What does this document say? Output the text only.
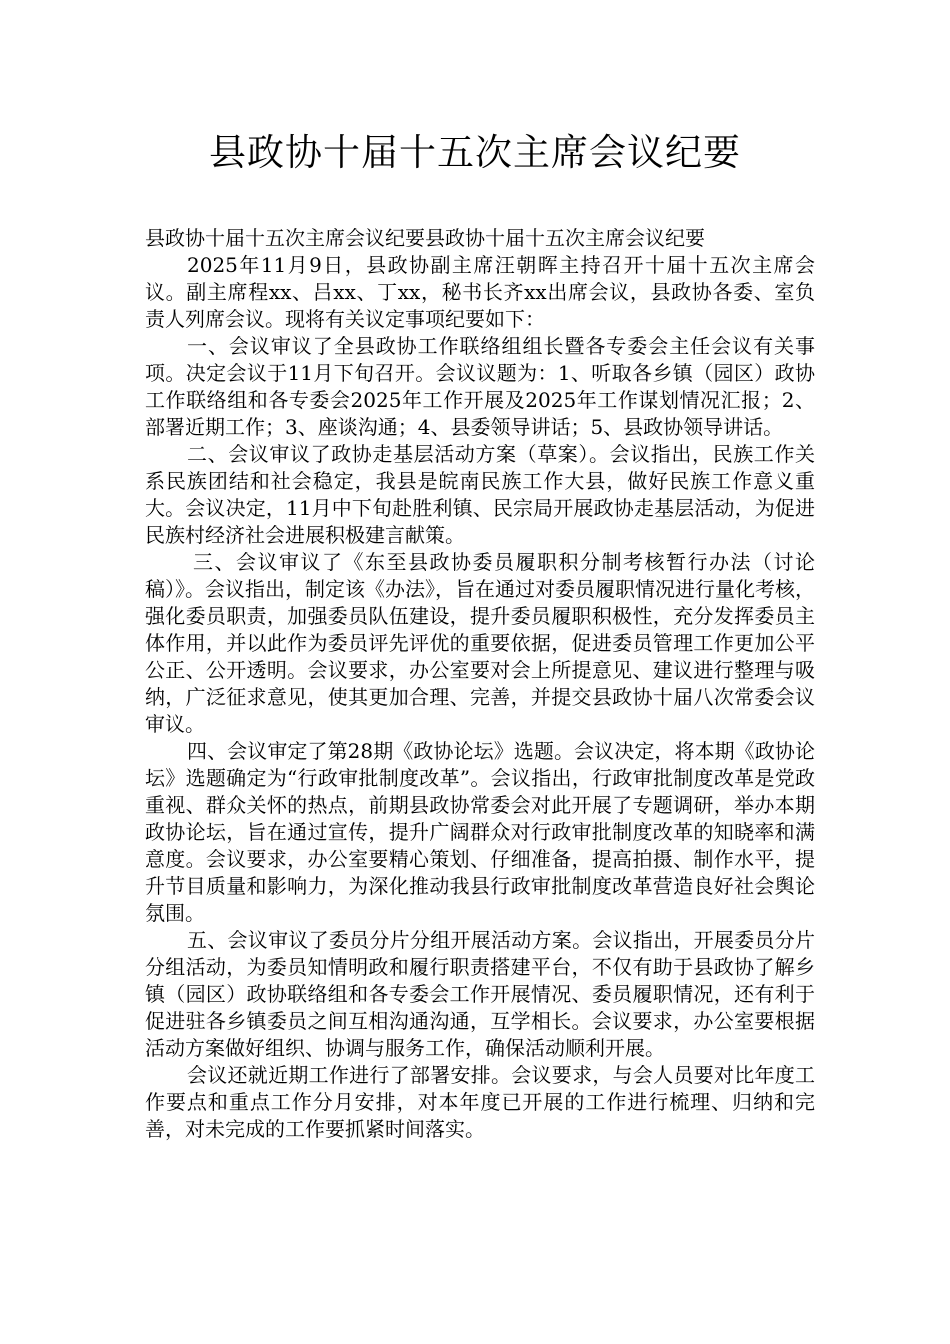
县政协十届十五次主席会议纪要

县政协十届十五次主席会议纪要县政协十届十五次主席会议纪要

2025年11月9日，县政协副主席汪朝晖主持召开十届十五次主席会议。副主席程xx、吕xx、丁xx，秘书长齐xx出席会议，县政协各委、室负责人列席会议。现将有关议定事项纪要如下：

一、会议审议了全县政协工作联络组组长暨各专委会主任会议有关事项。决定会议于11月下旬召开。会议议题为：1、听取各乡镇（园区）政协工作联络组和各专委会2025年工作开展及2025年工作谋划情况汇报；2、部署近期工作；3、座谈沟通；4、县委领导讲话；5、县政协领导讲话。

二、会议审议了政协走基层活动方案（草案）。会议指出，民族工作关系民族团结和社会稳定，我县是皖南民族工作大县，做好民族工作意义重大。会议决定，11月中下旬赴胜利镇、民宗局开展政协走基层活动，为促进民族村经济社会进展积极建言献策。

三、会议审议了《东至县政协委员履职积分制考核暂行办法（讨论稿）》。会议指出，制定该《办法》，旨在通过对委员履职情况进行量化考核，强化委员职责，加强委员队伍建设，提升委员履职积极性，充分发挥委员主体作用，并以此作为委员评先评优的重要依据，促进委员管理工作更加公平公正、公开透明。会议要求，办公室要对会上所提意见、建议进行整理与吸纳，广泛征求意见，使其更加合理、完善，并提交县政协十届八次常委会议审议。

四、会议审定了第28期《政协论坛》选题。会议决定，将本期《政协论坛》选题确定为“行政审批制度改革”。会议指出，行政审批制度改革是党政重视、群众关怀的热点，前期县政协常委会对此开展了专题调研，举办本期政协论坛，旨在通过宣传，提升广阔群众对行政审批制度改革的知晓率和满意度。会议要求，办公室要精心策划、仔细准备，提高拍摄、制作水平，提升节目质量和影响力，为深化推动我县行政审批制度改革营造良好社会舆论氛围。

五、会议审议了委员分片分组开展活动方案。会议指出，开展委员分片分组活动，为委员知情明政和履行职责搭建平台，不仅有助于县政协了解乡镇（园区）政协联络组和各专委会工作开展情况、委员履职情况，还有利于促进驻各乡镇委员之间互相沟通沟通，互学相长。会议要求，办公室要根据活动方案做好组织、协调与服务工作，确保活动顺利开展。

会议还就近期工作进行了部署安排。会议要求，与会人员要对比年度工作要点和重点工作分月安排，对本年度已开展的工作进行梳理、归纳和完善，对未完成的工作要抓紧时间落实。
